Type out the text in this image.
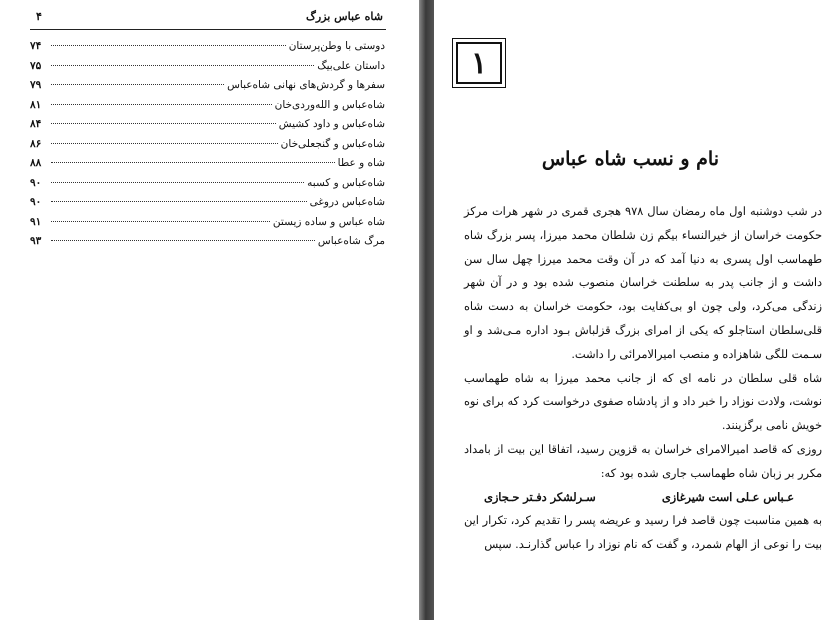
شاه عباس بزرگ
۴
دوستی با وطن‌پرستان
۷۴
داستان علی‌بیگ
۷۵
سفرها و گردش‌های نهانی شاه‌عباس
۷۹
شاه‌عباس و اللەوردی‌خان
۸۱
شاه‌عباس و داود کشیش
۸۴
شاه‌عباس و گنجعلی‌خان
۸۶
شاه و عطا
۸۸
شاه‌عباس و کسبه
۹۰
شاه‌عباس دروغی
۹۰
شاه عباس و ساده زیستن
۹۱
مرگ شاه‌عباس
۹۳
۱
نام و نسب شاه عباس

در شب دوشنبه اول ماه رمضان سال ۹۷۸ هجری قمری در شهر هرات مرکز حکومت خراسان از خیرالنساء بیگم زن شلطان محمد میرزا، پسر بزرگ شاه طهماسب اول پسری به دنیا آمد که در آن وقت محمد میرزا چهل سال سن داشت و از جانب پدر به سلطنت خراسان منصوب شده بود و در آن شهر زندگی می‌کرد، ولی چون او بی‌کفایت بود، حکومت خراسان به دست شاه قلی‌سلطان استاجلو که یکی از امرای بزرگ قزلباش بـود اداره مـی‌شد و او سـمت للگی شاهزاده و منصب امیرالامرائی را داشت.

شاه قلی سلطان در نامه ای که از جانب محمد میرزا به شاه طهماسب نوشت، ولادت نوزاد را خبر داد و از پادشاه صفوی درخواست کرد که برای نوه خویش نامی برگزینند.

روزی که قاصد امیرالامرای خراسان به قزوین رسید، اتفاقا این بیت از بامداد مکرر بر زبان شاه طهماسب جاری شده بود که:

عـباس عـلی است شیرغازی
سـرلشکر دفـتر حـجازی

به همین مناسبت چون قاصد فرا رسید و عریضه پسر را تقدیم کرد، تکرار این بیت را نوعی از الهام شمرد، و گفت که نام نوزاد را عباس گذارنـد. سپس
